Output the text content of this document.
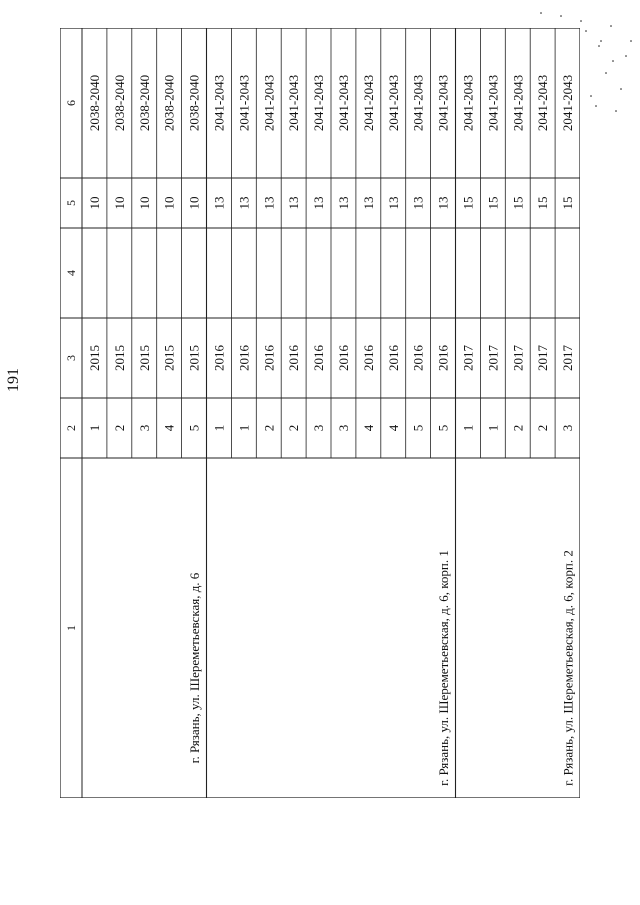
191
1
2
3
4
5
6
1
2015
10
2038-2040
2
2015
10
2038-2040
3
2015
10
2038-2040
4
2015
10
2038-2040
5
2015
10
2038-2040
г. Рязань, ул. Шереметьевская, д. 6
1
2016
13
2041-2043
1
2016
13
2041-2043
2
2016
13
2041-2043
2
2016
13
2041-2043
3
2016
13
2041-2043
3
2016
13
2041-2043
4
2016
13
2041-2043
4
2016
13
2041-2043
5
2016
13
2041-2043
5
2016
13
2041-2043
г. Рязань, ул. Шереметьевская, д. 6, корп. 1
1
2017
15
2041-2043
1
2017
15
2041-2043
2
2017
15
2041-2043
2
2017
15
2041-2043
3
2017
15
2041-2043
г. Рязань, ул. Шереметьевская, д. 6, корп. 2
